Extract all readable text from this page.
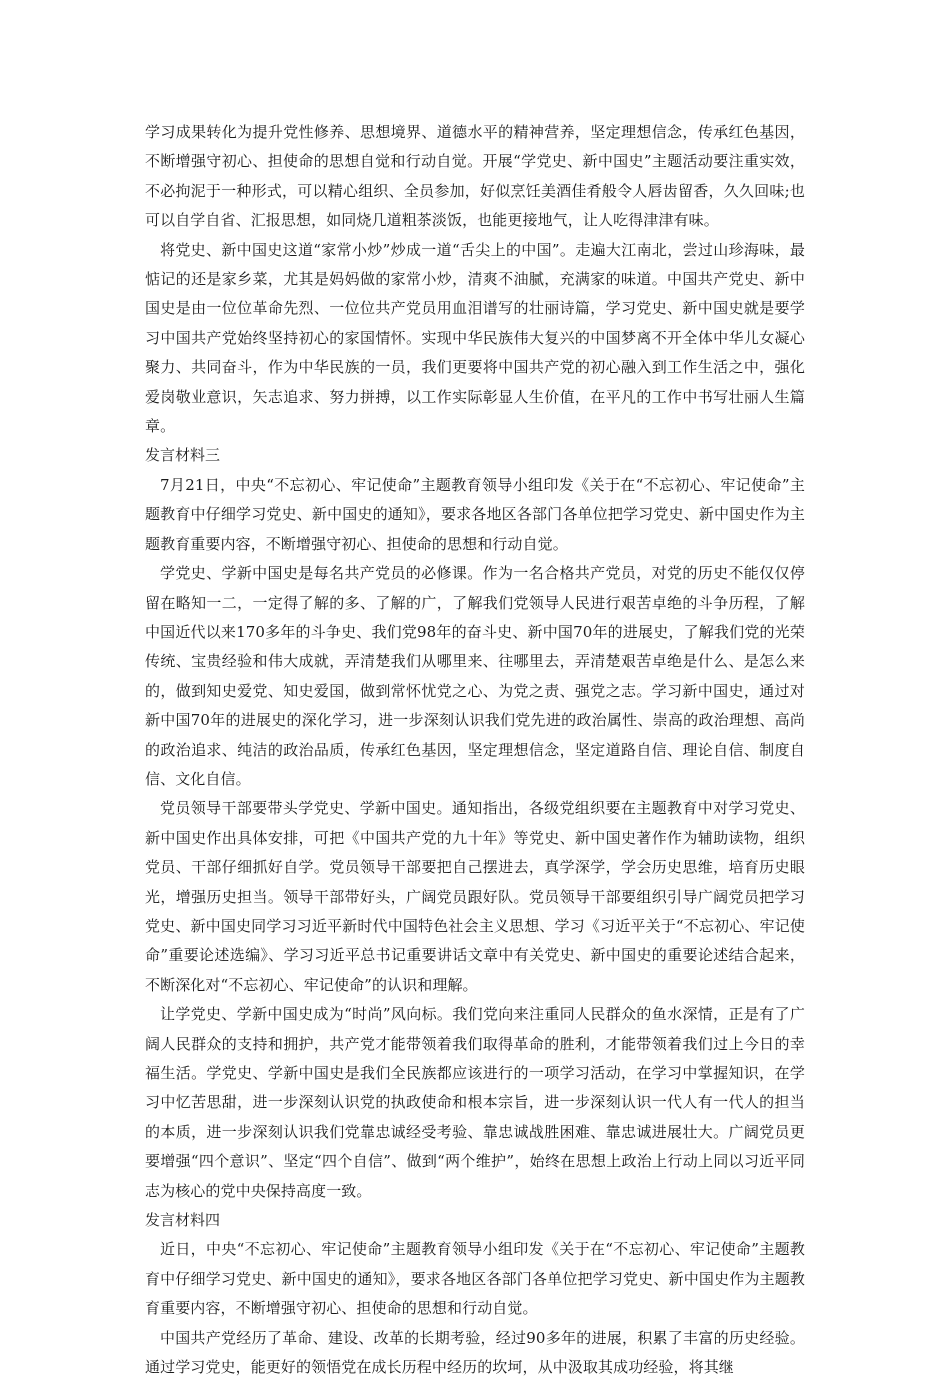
学习成果转化为提升党性修养、思想境界、道德水平的精神营养，坚定理想信念，传承红色基因，不断增强守初心、担使命的思想自觉和行动自觉。开展“学党史、新中国史”主题活动要注重实效，不必拘泥于一种形式，可以精心组织、全员参加，好似烹饪美酒佳肴般令人唇齿留香，久久回味;也可以自学自省、汇报思想，如同烧几道粗茶淡饭，也能更接地气，让人吃得津津有味。

将党史、新中国史这道“家常小炒”炒成一道“舌尖上的中国”。走遍大江南北，尝过山珍海味，最惦记的还是家乡菜，尤其是妈妈做的家常小炒，清爽不油腻，充满家的味道。中国共产党史、新中国史是由一位位革命先烈、一位位共产党员用血泪谱写的壮丽诗篇，学习党史、新中国史就是要学习中国共产党始终坚持初心的家国情怀。实现中华民族伟大复兴的中国梦离不开全体中华儿女凝心聚力、共同奋斗，作为中华民族的一员，我们更要将中国共产党的初心融入到工作生活之中，强化爱岗敬业意识，矢志追求、努力拼搏，以工作实际彰显人生价值，在平凡的工作中书写壮丽人生篇章。

发言材料三

7月21日，中央“不忘初心、牢记使命”主题教育领导小组印发《关于在“不忘初心、牢记使命”主题教育中仔细学习党史、新中国史的通知》，要求各地区各部门各单位把学习党史、新中国史作为主题教育重要内容，不断增强守初心、担使命的思想和行动自觉。

学党史、学新中国史是每名共产党员的必修课。作为一名合格共产党员，对党的历史不能仅仅停留在略知一二，一定得了解的多、了解的广，了解我们党领导人民进行艰苦卓绝的斗争历程，了解中国近代以来170多年的斗争史、我们党98年的奋斗史、新中国70年的进展史，了解我们党的光荣传统、宝贵经验和伟大成就，弄清楚我们从哪里来、往哪里去，弄清楚艰苦卓绝是什么、是怎么来的，做到知史爱党、知史爱国，做到常怀忧党之心、为党之责、强党之志。学习新中国史，通过对新中国70年的进展史的深化学习，进一步深刻认识我们党先进的政治属性、崇高的政治理想、高尚的政治追求、纯洁的政治品质，传承红色基因，坚定理想信念，坚定道路自信、理论自信、制度自信、文化自信。

党员领导干部要带头学党史、学新中国史。通知指出，各级党组织要在主题教育中对学习党史、新中国史作出具体安排，可把《中国共产党的九十年》等党史、新中国史著作作为辅助读物，组织党员、干部仔细抓好自学。党员领导干部要把自己摆进去，真学深学，学会历史思维，培育历史眼光，增强历史担当。领导干部带好头，广阔党员跟好队。党员领导干部要组织引导广阔党员把学习党史、新中国史同学习习近平新时代中国特色社会主义思想、学习《习近平关于“不忘初心、牢记使命”重要论述选编》、学习习近平总书记重要讲话文章中有关党史、新中国史的重要论述结合起来，不断深化对“不忘初心、牢记使命”的认识和理解。

让学党史、学新中国史成为“时尚”风向标。我们党向来注重同人民群众的鱼水深情，正是有了广阔人民群众的支持和拥护，共产党才能带领着我们取得革命的胜利，才能带领着我们过上今日的幸福生活。学党史、学新中国史是我们全民族都应该进行的一项学习活动，在学习中掌握知识，在学习中忆苦思甜，进一步深刻认识党的执政使命和根本宗旨，进一步深刻认识一代人有一代人的担当的本质，进一步深刻认识我们党靠忠诚经受考验、靠忠诚战胜困难、靠忠诚进展壮大。广阔党员更要增强“四个意识”、坚定“四个自信”、做到“两个维护”，始终在思想上政治上行动上同以习近平同志为核心的党中央保持高度一致。

发言材料四

近日，中央“不忘初心、牢记使命”主题教育领导小组印发《关于在“不忘初心、牢记使命”主题教育中仔细学习党史、新中国史的通知》，要求各地区各部门各单位把学习党史、新中国史作为主题教育重要内容，不断增强守初心、担使命的思想和行动自觉。

中国共产党经历了革命、建设、改革的长期考验，经过90多年的进展，积累了丰富的历史经验。通过学习党史，能更好的领悟党在成长历程中经历的坎坷，从中汲取其成功经验，将其继
